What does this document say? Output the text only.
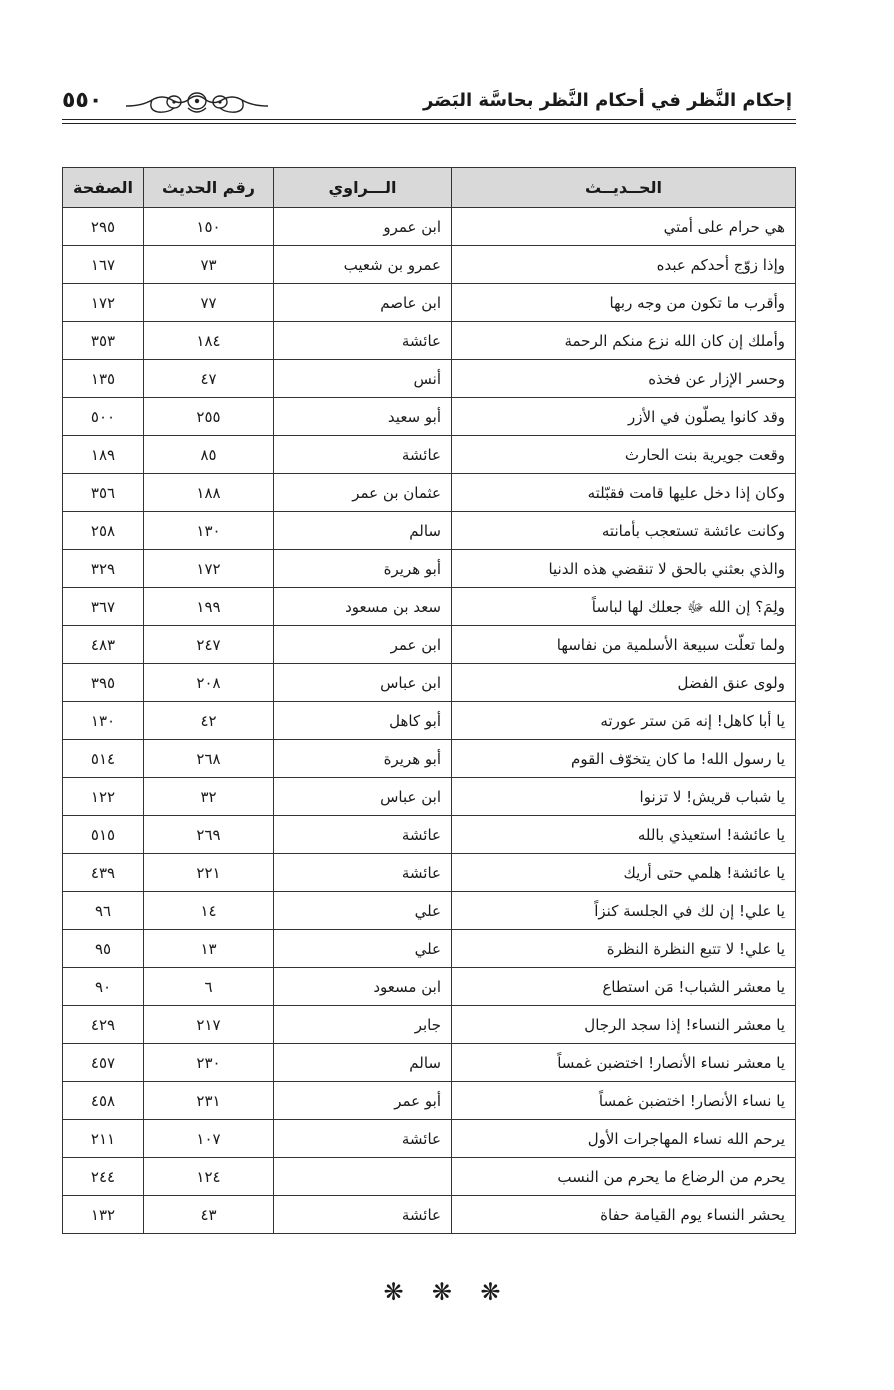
٥٥٠	إحكام النَّظر في أحكام النَّظر بحاسَّة البَصَر
الحــديــث	الـــراوي	رقم الحديث	الصفحة
هي حرام على أمتي	ابن عمرو	١٥٠	٢٩٥
وإذا زوّج أحدكم عبده	عمرو بن شعيب	٧٣	١٦٧
وأقرب ما تكون من وجه ربها	ابن عاصم	٧٧	١٧٢
وأملك إن كان الله نزع منكم الرحمة	عائشة	١٨٤	٣٥٣
وحسر الإزار عن فخذه	أنس	٤٧	١٣٥
وقد كانوا يصلّون في الأزر	أبو سعيد	٢٥٥	٥٠٠
وقعت جويرية بنت الحارث	عائشة	٨٥	١٨٩
وكان إذا دخل عليها قامت فقبّلته	عثمان بن عمر	١٨٨	٣٥٦
وكانت عائشة تستعجب بأمانته	سالم	١٣٠	٢٥٨
والذي بعثني بالحق لا تنقضي هذه الدنيا	أبو هريرة	١٧٢	٣٢٩
ولِمَ؟ إن الله ﷻ جعلك لها لباساً	سعد بن مسعود	١٩٩	٣٦٧
ولما تعلّت سبيعة الأسلمية من نفاسها	ابن عمر	٢٤٧	٤٨٣
ولوى عنق الفضل	ابن عباس	٢٠٨	٣٩٥
يا أبا كاهل! إنه مَن ستر عورته	أبو كاهل	٤٢	١٣٠
يا رسول الله! ما كان يتخوّف القوم	أبو هريرة	٢٦٨	٥١٤
يا شباب قريش! لا تزنوا	ابن عباس	٣٢	١٢٢
يا عائشة! استعيذي بالله	عائشة	٢٦٩	٥١٥
يا عائشة! هلمي حتى أريك	عائشة	٢٢١	٤٣٩
يا علي! إن لك في الجلسة كنزاً	علي	١٤	٩٦
يا علي! لا تتبع النظرة النظرة	علي	١٣	٩٥
يا معشر الشباب! مَن استطاع	ابن مسعود	٦	٩٠
يا معشر النساء! إذا سجد الرجال	جابر	٢١٧	٤٢٩
يا معشر نساء الأنصار! اختضبن غمساً	سالم	٢٣٠	٤٥٧
يا نساء الأنصار! اختضبن غمساً	أبو عمر	٢٣١	٤٥٨
يرحم الله نساء المهاجرات الأول	عائشة	١٠٧	٢١١
يحرم من الرضاع ما يحرم من النسب		١٢٤	٢٤٤
يحشر النساء يوم القيامة حفاة	عائشة	٤٣	١٣٢
❋ ❋ ❋
